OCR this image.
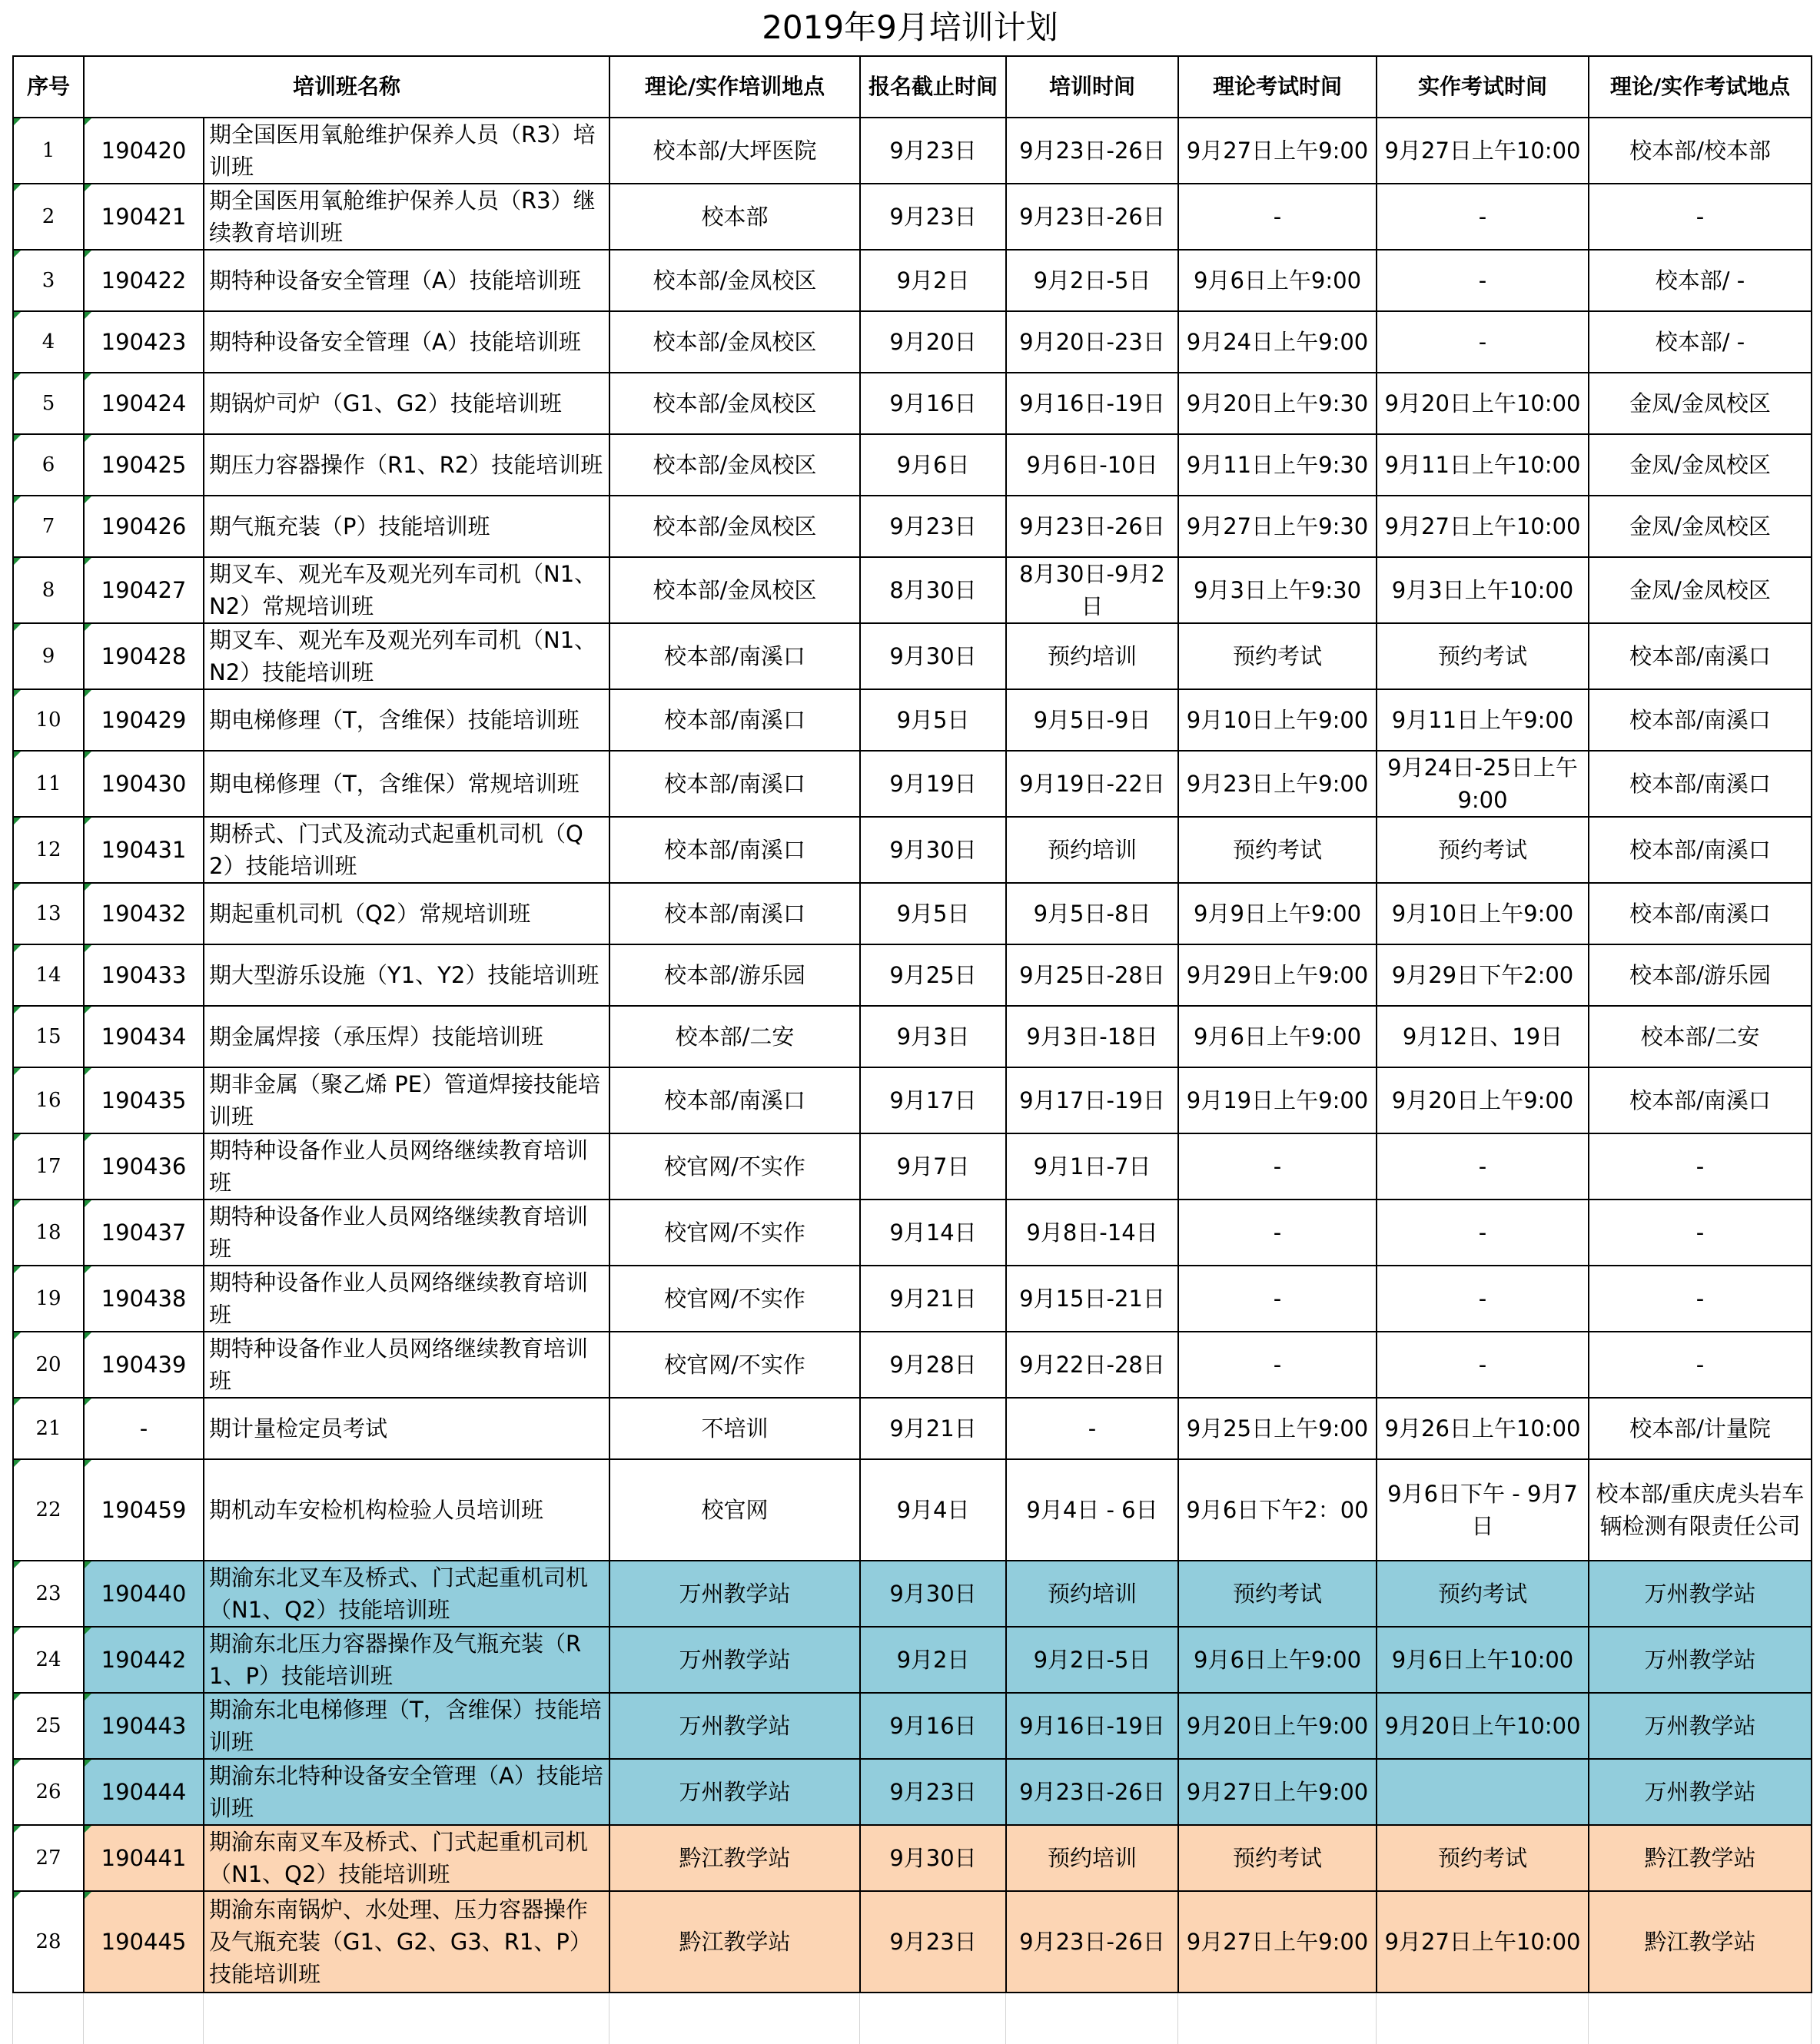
2019年9月培训计划
序号	培训班名称		理论/实作培训地点	报名截止时间	培训时间	理论考试时间	实作考试时间	理论/实作考试地点
1	190420	期全国医用氧舱维护保养人员（R3）培训班	校本部/大坪医院	9月23日	9月23日-26日	9月27日上午9:00	9月27日上午10:00	校本部/校本部
2	190421	期全国医用氧舱维护保养人员（R3）继续教育培训班	校本部	9月23日	9月23日-26日	-	-	-
3	190422	期特种设备安全管理（A）技能培训班	校本部/金凤校区	9月2日	9月2日-5日	9月6日上午9:00	-	校本部/ -
4	190423	期特种设备安全管理（A）技能培训班	校本部/金凤校区	9月20日	9月20日-23日	9月24日上午9:00	-	校本部/ -
5	190424	期锅炉司炉（G1、G2）技能培训班	校本部/金凤校区	9月16日	9月16日-19日	9月20日上午9:30	9月20日上午10:00	金凤/金凤校区
6	190425	期压力容器操作（R1、R2）技能培训班	校本部/金凤校区	9月6日	9月6日-10日	9月11日上午9:30	9月11日上午10:00	金凤/金凤校区
7	190426	期气瓶充装（P）技能培训班	校本部/金凤校区	9月23日	9月23日-26日	9月27日上午9:30	9月27日上午10:00	金凤/金凤校区
8	190427	期叉车、观光车及观光列车司机（N1、N2）常规培训班	校本部/金凤校区	8月30日	8月30日-9月2日	9月3日上午9:30	9月3日上午10:00	金凤/金凤校区
9	190428	期叉车、观光车及观光列车司机（N1、N2）技能培训班	校本部/南溪口	9月30日	预约培训	预约考试	预约考试	校本部/南溪口
10	190429	期电梯修理（T，含维保）技能培训班	校本部/南溪口	9月5日	9月5日-9日	9月10日上午9:00	9月11日上午9:00	校本部/南溪口
11	190430	期电梯修理（T，含维保）常规培训班	校本部/南溪口	9月19日	9月19日-22日	9月23日上午9:00	9月24日-25日上午9:00	校本部/南溪口
12	190431	期桥式、门式及流动式起重机司机（Q2）技能培训班	校本部/南溪口	9月30日	预约培训	预约考试	预约考试	校本部/南溪口
13	190432	期起重机司机（Q2）常规培训班	校本部/南溪口	9月5日	9月5日-8日	9月9日上午9:00	9月10日上午9:00	校本部/南溪口
14	190433	期大型游乐设施（Y1、Y2）技能培训班	校本部/游乐园	9月25日	9月25日-28日	9月29日上午9:00	9月29日下午2:00	校本部/游乐园
15	190434	期金属焊接（承压焊）技能培训班	校本部/二安	9月3日	9月3日-18日	9月6日上午9:00	9月12日、19日	校本部/二安
16	190435	期非金属（聚乙烯 PE）管道焊接技能培训班	校本部/南溪口	9月17日	9月17日-19日	9月19日上午9:00	9月20日上午9:00	校本部/南溪口
17	190436	期特种设备作业人员网络继续教育培训班	校官网/不实作	9月7日	9月1日-7日	-	-	-
18	190437	期特种设备作业人员网络继续教育培训班	校官网/不实作	9月14日	9月8日-14日	-	-	-
19	190438	期特种设备作业人员网络继续教育培训班	校官网/不实作	9月21日	9月15日-21日	-	-	-
20	190439	期特种设备作业人员网络继续教育培训班	校官网/不实作	9月28日	9月22日-28日	-	-	-
21	-	期计量检定员考试	不培训	9月21日	-	9月25日上午9:00	9月26日上午10:00	校本部/计量院
22	190459	期机动车安检机构检验人员培训班	校官网	9月4日	9月4日 - 6日	9月6日下午2：00	9月6日下午 - 9月7日	校本部/重庆虎头岩车辆检测有限责任公司
23	190440	期渝东北叉车及桥式、门式起重机司机（N1、Q2）技能培训班	万州教学站	9月30日	预约培训	预约考试	预约考试	万州教学站
24	190442	期渝东北压力容器操作及气瓶充装（R1、P）技能培训班	万州教学站	9月2日	9月2日-5日	9月6日上午9:00	9月6日上午10:00	万州教学站
25	190443	期渝东北电梯修理（T，含维保）技能培训班	万州教学站	9月16日	9月16日-19日	9月20日上午9:00	9月20日上午10:00	万州教学站
26	190444	期渝东北特种设备安全管理（A）技能培训班	万州教学站	9月23日	9月23日-26日	9月27日上午9:00		万州教学站
27	190441	期渝东南叉车及桥式、门式起重机司机（N1、Q2）技能培训班	黔江教学站	9月30日	预约培训	预约考试	预约考试	黔江教学站
28	190445	期渝东南锅炉、水处理、压力容器操作及气瓶充装（G1、G2、G3、R1、P）技能培训班	黔江教学站	9月23日	9月23日-26日	9月27日上午9:00	9月27日上午10:00	黔江教学站
